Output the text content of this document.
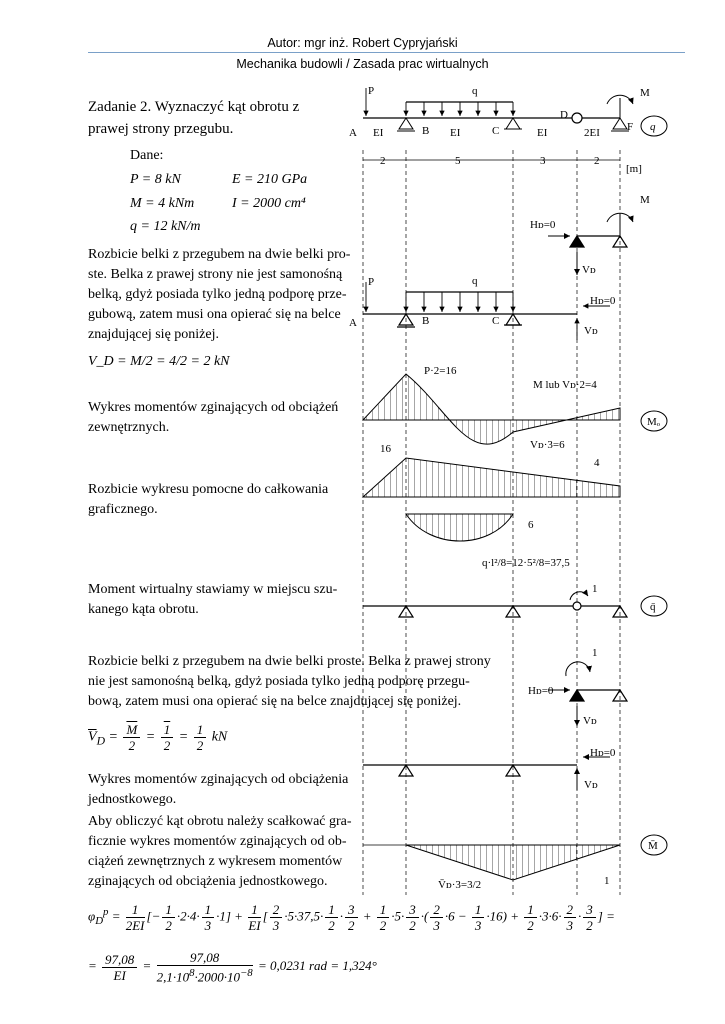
Autor: mgr inż. Robert Cypryjański
Mechanika budowli / Zasada prac wirtualnych
Zadanie 2. Wyznaczyć kąt obrotu z
prawej strony przegubu.
Dane:
P = 8 kN	E = 210 GPa
M = 4 kNm	I = 2000 cm⁴
q = 12 kN/m
Rozbicie belki z przegubem na dwie belki pro-
ste. Belka z prawej strony nie jest samonośną
belką, gdyż posiada tylko jedną podporę prze-
gubową, zatem musi ona opierać się na belce
znajdującej się poniżej.
V_D = M/2 = 4/2 = 2 kN
Wykres momentów zginających od obciążeń
zewnętrznych.
Rozbicie wykresu pomocne do całkowania
graficznego.
Moment wirtualny stawiamy w miejscu szu-
kanego kąta obrotu.
Rozbicie belki z przegubem na dwie belki proste. Belka z prawej strony
nie jest samonośną belką, gdyż posiada tylko jedną podporę przegu-
bową, zatem musi ona opierać się na belce znajdującej się poniżej.
$\overline{V}_D = \frac{\overline{M}}{2} = \frac{1}{2} = \frac{1}{2}$ kN
Wykres momentów zginających od obciążenia
jednostkowego.
Aby obliczyć kąt obrotu należy scałkować gra-
ficznie wykres momentów zginających od ob-
ciążeń zewnętrznych z wykresem momentów
zginających od obciążenia jednostkowego.
$\varphi_D^p = \frac{1}{2EI}$ [− $\frac{1}{2} \cdot 2\cdot 4\cdot \frac{1}{3} \cdot 1] + \frac{1}{EI}$ [ $\frac{2}{3} \cdot 5\cdot 37,5\cdot \frac{1}{2} \cdot \frac{3}{2} + \frac{1}{2} \cdot 5\cdot \frac{3}{2}$ ·( $\frac{2}{3} \cdot 6 - \frac{1}{3} \cdot 16) + \frac{1}{2} \cdot 3\cdot 6\cdot \frac{2}{3} \cdot \frac{3}{2}$ ] =
= $\frac{97,08}{EI} = \frac{97,08}{2,1\cdot 10^8\cdot 2000\cdot 10^{-8}} = 0,0231$ rad = 1,324°
P	q	M
A EI	B EI	C	EI
D
2EI F q
2	5	3	2
[m]
M
Hᴅ=0
Vᴅ
P	q
A	B	C
Hᴅ=0
Vᴅ
P·2=16
M lub Vᴅ·2=4
Vᴅ·3=6
Mₒ
16
4
6
q·l²/8=12·5²/8=37,5
1
q̄
1
Hᴅ=0
Vᴅ
Hᴅ=0
Vᴅ
V̄ᴅ·3=3/2	1
M̄
